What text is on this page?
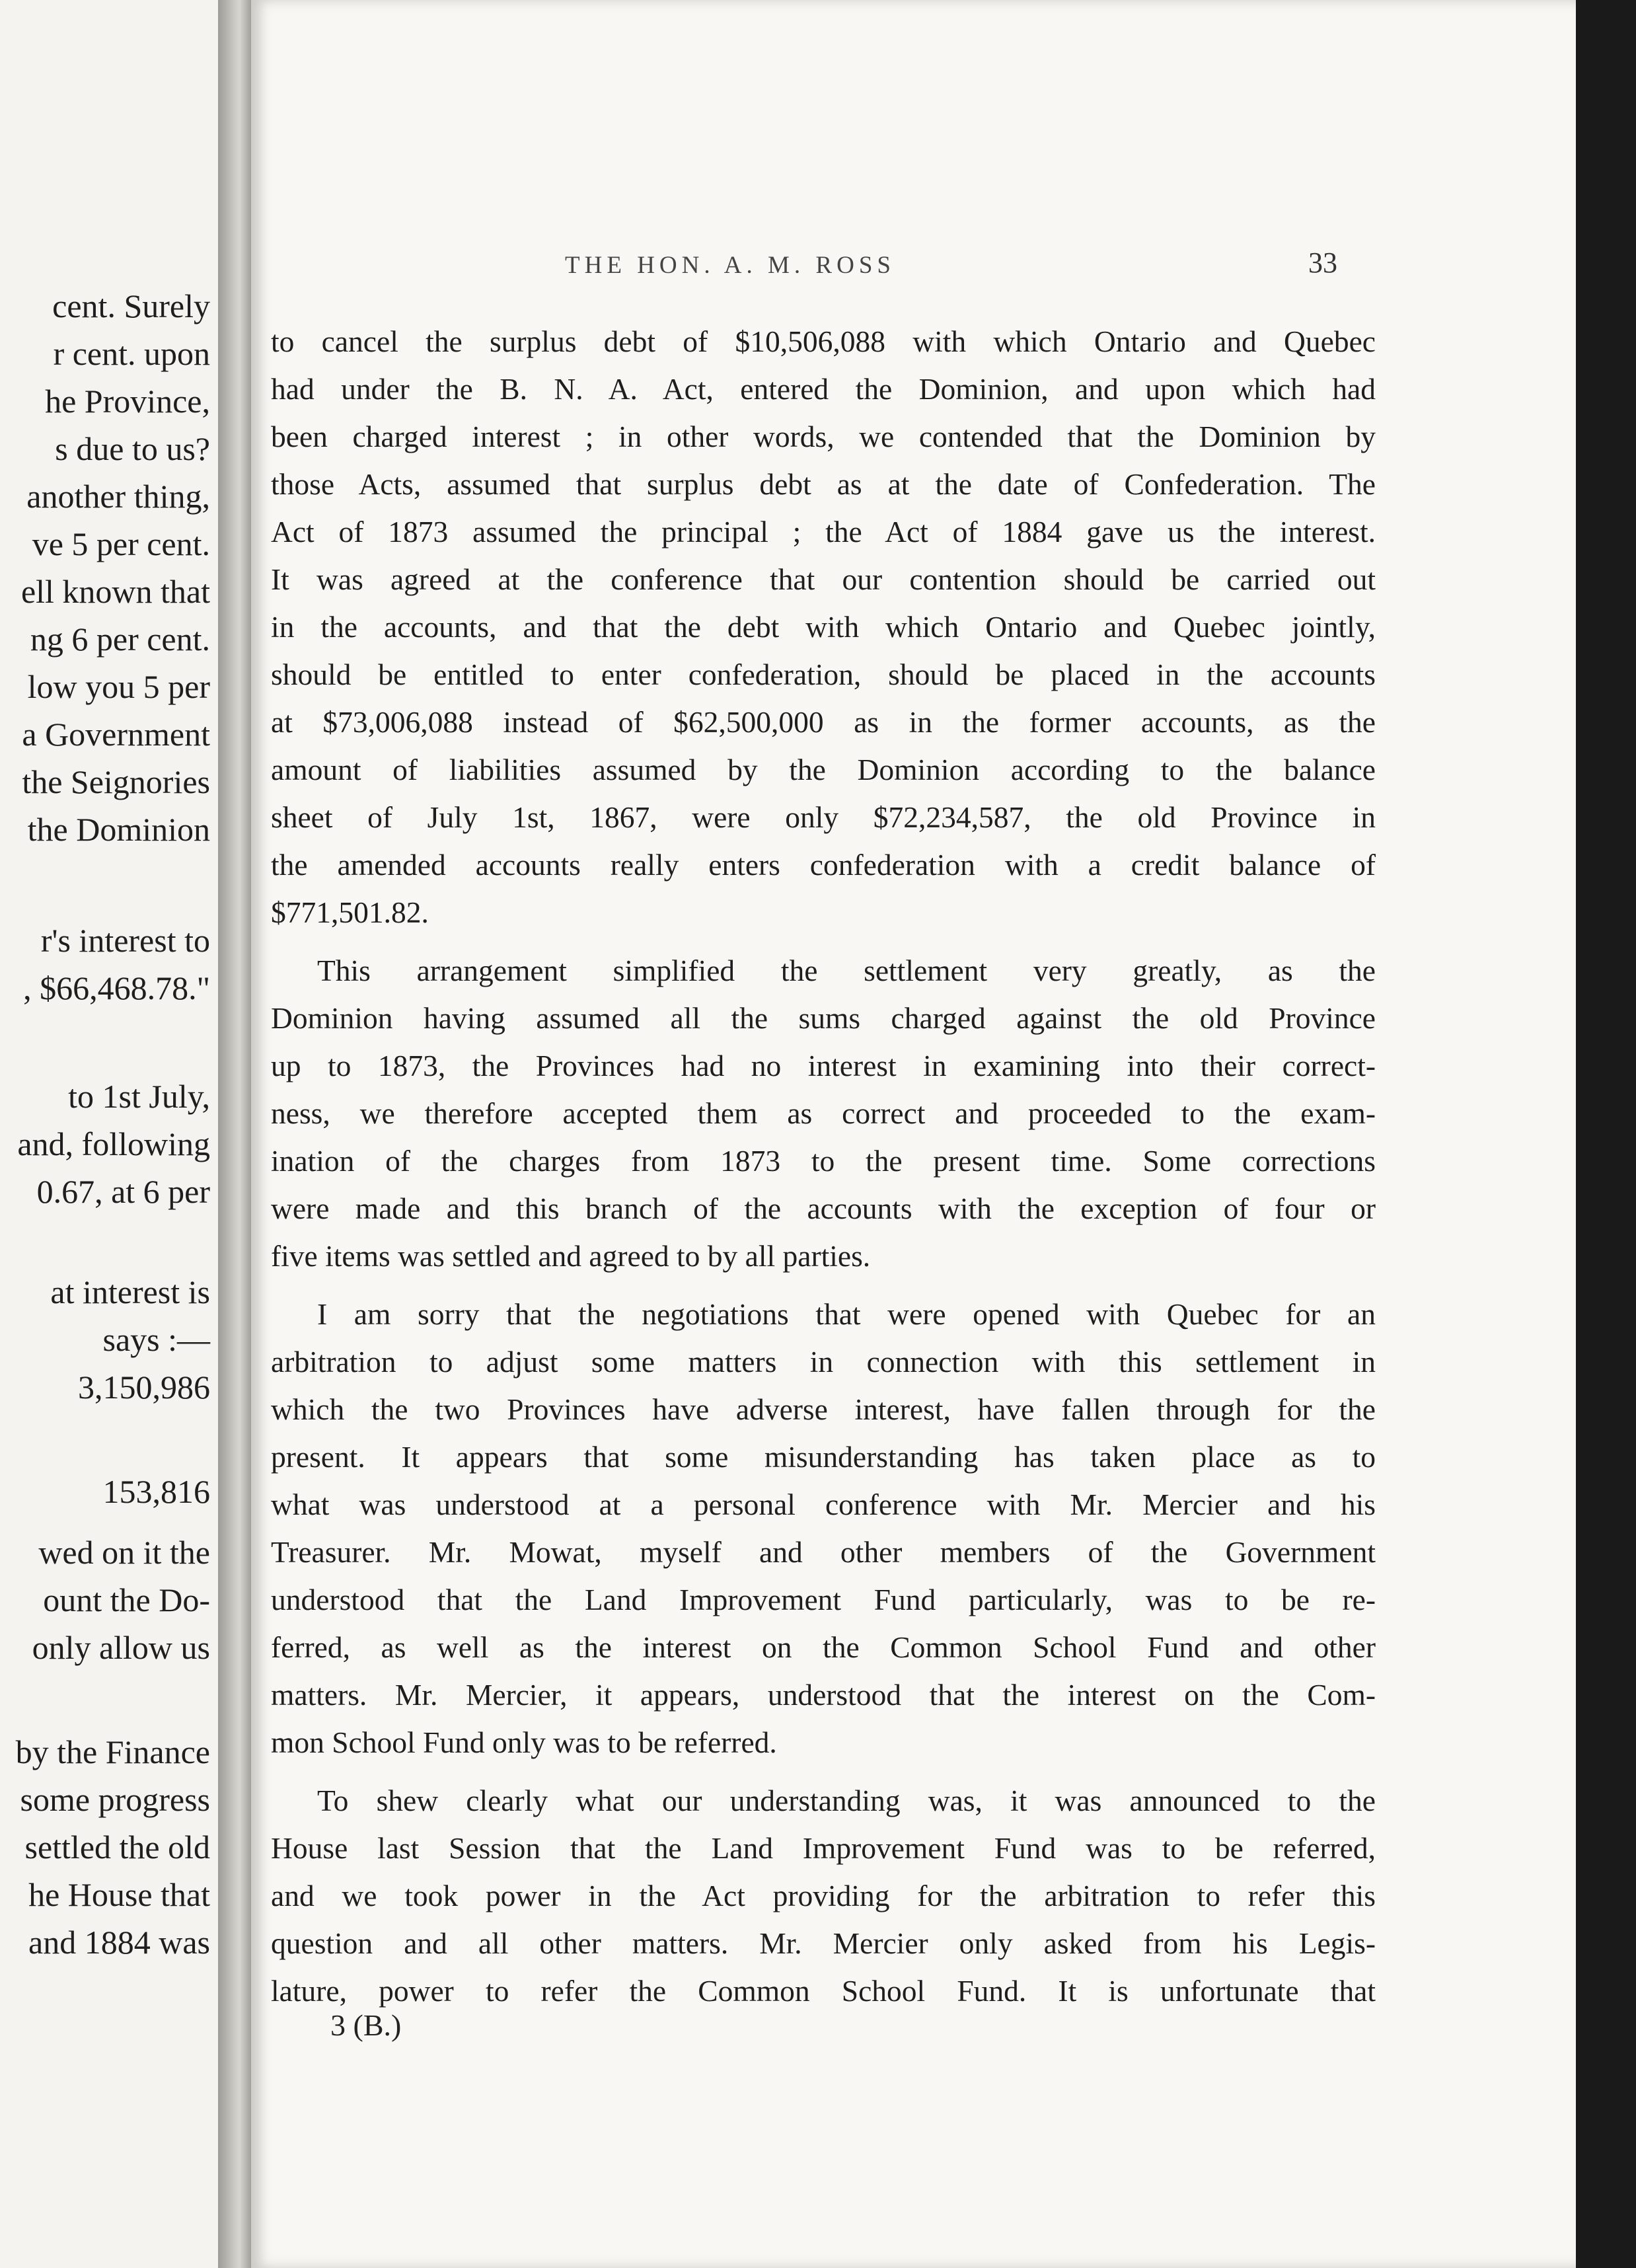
cent. Surely
r cent. upon
he Province,
s due to us?
another thing,
ve 5 per cent.
ell known that
ng 6 per cent.
low you 5 per
a Government
the Seignories
the Dominion
r's interest to
, $66,468.78."
to 1st July,
and, following
0.67, at 6 per
at interest is
says :—
3,150,986
153,816
wed on it the
ount the Do-
only allow us
by the Finance
some progress
settled the old
he House that
and 1884 was
THE HON. A. M. ROSS	33
to cancel the surplus debt of $10,506,088 with which Ontario and Quebec
had under the B. N. A. Act, entered the Dominion, and upon which had
been charged interest ; in other words, we contended that the Dominion by
those Acts, assumed that surplus debt as at the date of Confederation. The
Act of 1873 assumed the principal ; the Act of 1884 gave us the interest.
It was agreed at the conference that our contention should be carried out
in the accounts, and that the debt with which Ontario and Quebec jointly,
should be entitled to enter confederation, should be placed in the accounts
at $73,006,088 instead of $62,500,000 as in the former accounts, as the
amount of liabilities assumed by the Dominion according to the balance
sheet of July 1st, 1867, were only $72,234,587, the old Province in
the amended accounts really enters confederation with a credit balance of
$771,501.82.
This arrangement simplified the settlement very greatly, as the
Dominion having assumed all the sums charged against the old Province
up to 1873, the Provinces had no interest in examining into their correct-
ness, we therefore accepted them as correct and proceeded to the exam-
ination of the charges from 1873 to the present time. Some corrections
were made and this branch of the accounts with the exception of four or
five items was settled and agreed to by all parties.
I am sorry that the negotiations that were opened with Quebec for an
arbitration to adjust some matters in connection with this settlement in
which the two Provinces have adverse interest, have fallen through for the
present. It appears that some misunderstanding has taken place as to
what was understood at a personal conference with Mr. Mercier and his
Treasurer. Mr. Mowat, myself and other members of the Government
understood that the Land Improvement Fund particularly, was to be re-
ferred, as well as the interest on the Common School Fund and other
matters. Mr. Mercier, it appears, understood that the interest on the Com-
mon School Fund only was to be referred.
To shew clearly what our understanding was, it was announced to the
House last Session that the Land Improvement Fund was to be referred,
and we took power in the Act providing for the arbitration to refer this
question and all other matters. Mr. Mercier only asked from his Legis-
lature, power to refer the Common School Fund. It is unfortunate that
3 (B.)
